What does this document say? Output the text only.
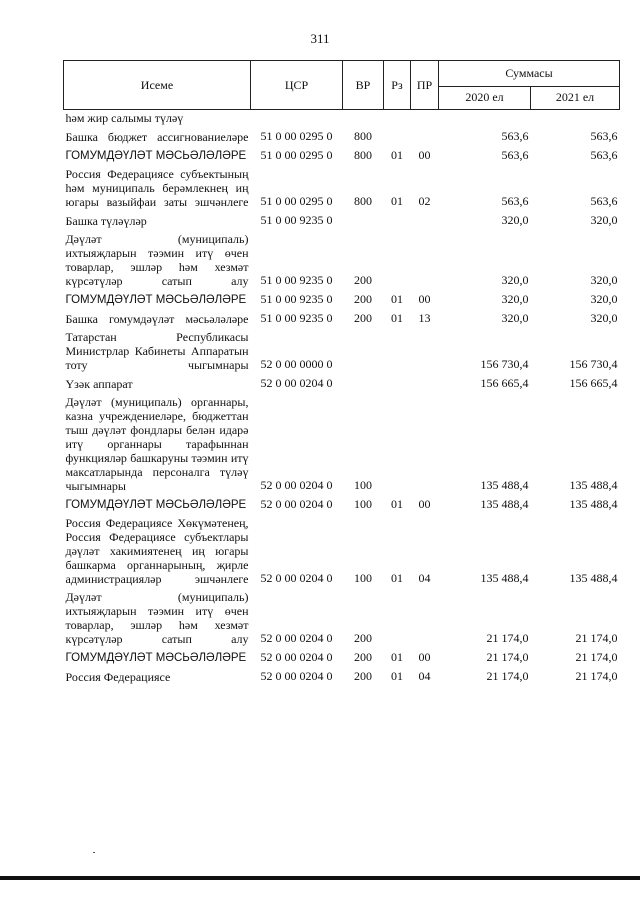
311
Исеме	ЦСР	ВР	Рз	ПР	Суммасы	
					2020 ел	2021 ел
һәм жир салымы түләү						
Башка бюджет ассигнованиеләре	51 0 00 0295 0	800			563,6	563,6
ГОМУМДӘҮЛӘТ МӘСЬӘЛӘЛӘРЕ	51 0 00 0295 0	800	01	00	563,6	563,6
Россия Федерациясе субъектының һәм муниципаль берәмлекнең иң югары вазыйфаи заты эшчәнлеге	51 0 00 0295 0	800	01	02	563,6	563,6
Башка түләүләр	51 0 00 9235 0				320,0	320,0
Дәүләт (муниципаль) ихтыяҗларын тәэмин итү өчен товарлар, эшләр һәм хезмәт күрсәтүләр сатып алу	51 0 00 9235 0	200			320,0	320,0
ГОМУМДӘҮЛӘТ МӘСЬӘЛӘЛӘРЕ	51 0 00 9235 0	200	01	00	320,0	320,0
Башка гомумдәүләт мәсьәләләре	51 0 00 9235 0	200	01	13	320,0	320,0
Татарстан Республикасы Министрлар Кабинеты Аппаратын тоту чыгымнары	52 0 00 0000 0				156 730,4	156 730,4
Үзәк аппарат	52 0 00 0204 0				156 665,4	156 665,4
Дәүләт (муниципаль) органнары, казна учреждениеләре, бюджеттан тыш дәүләт фондлары белән идарә итү органнары тарафыннан функцияләр башкаруны тәэмин итү максатларында персоналга түләү чыгымнары	52 0 00 0204 0	100			135 488,4	135 488,4
ГОМУМДӘҮЛӘТ МӘСЬӘЛӘЛӘРЕ	52 0 00 0204 0	100	01	00	135 488,4	135 488,4
Россия Федерациясе Хөкүмәтенең, Россия Федерациясе субъектлары дәүләт хакимиятенең иң югары башкарма органнарының, җирле администрацияләр эшчәнлеге	52 0 00 0204 0	100	01	04	135 488,4	135 488,4
Дәүләт (муниципаль) ихтыяҗларын тәэмин итү өчен товарлар, эшләр һәм хезмәт күрсәтүләр сатып алу	52 0 00 0204 0	200			21 174,0	21 174,0
ГОМУМДӘҮЛӘТ МӘСЬӘЛӘЛӘРЕ	52 0 00 0204 0	200	01	00	21 174,0	21 174,0
Россия Федерациясе	52 0 00 0204 0	200	01	04	21 174,0	21 174,0
